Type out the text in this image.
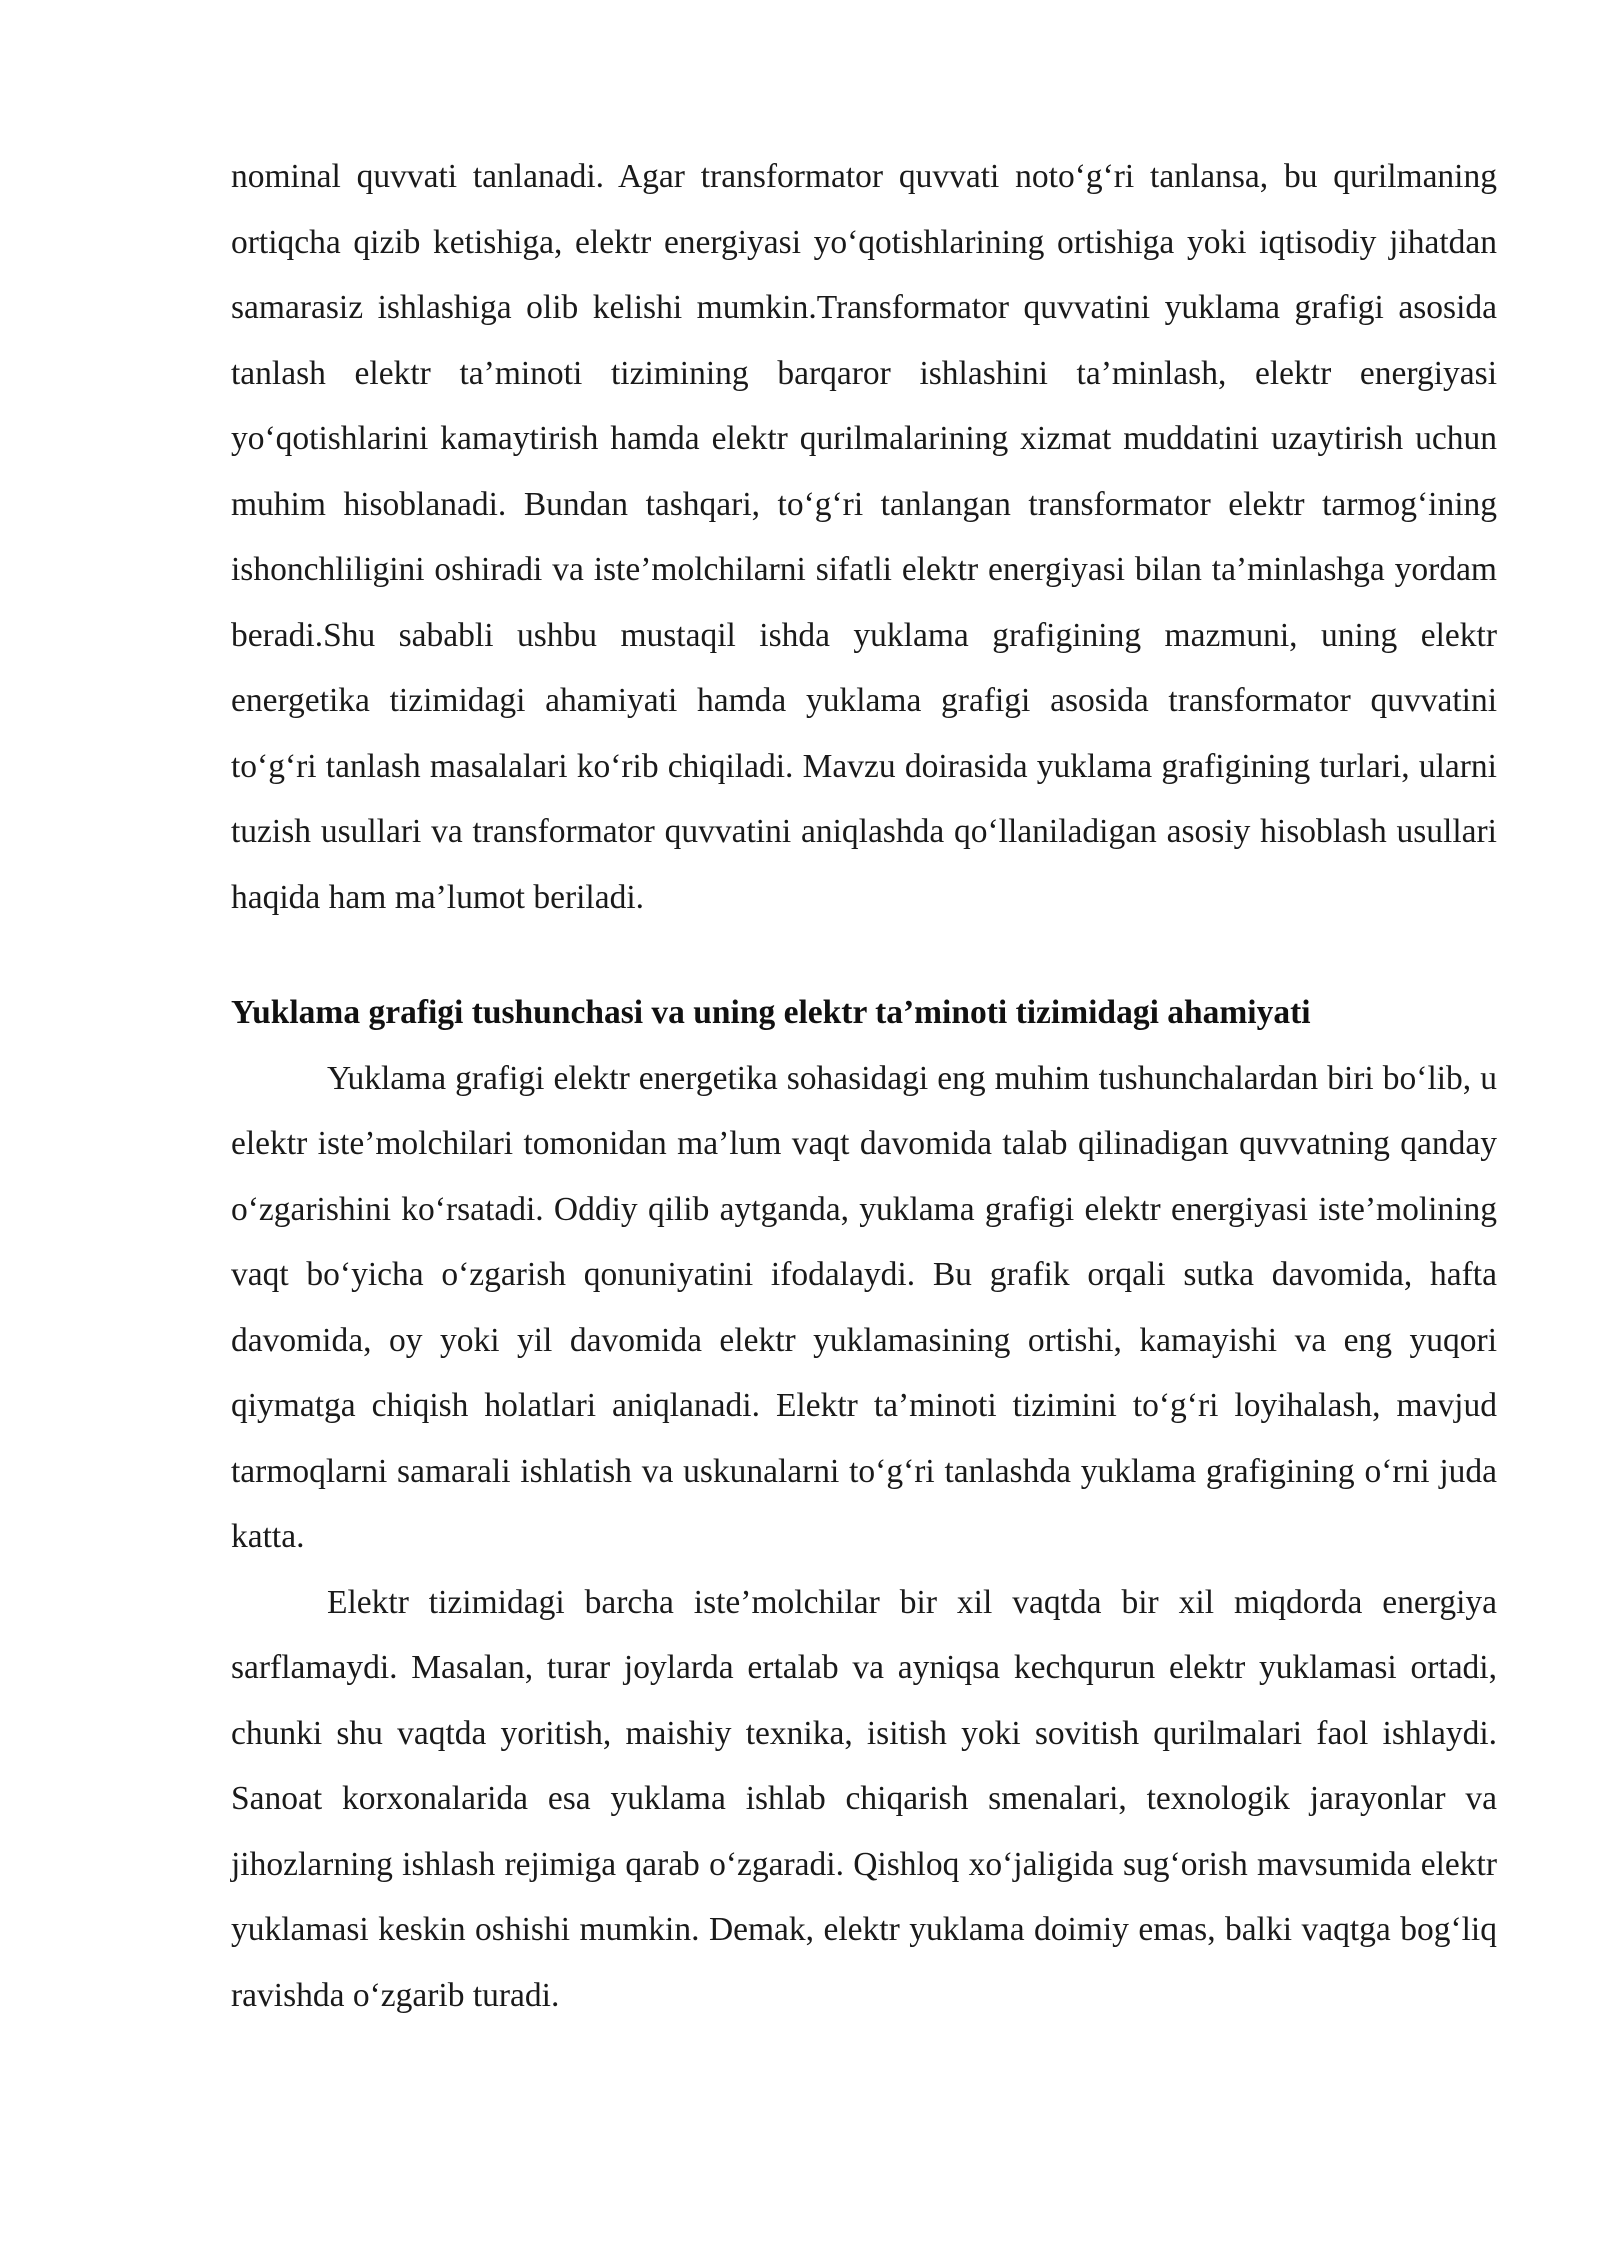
nominal quvvati tanlanadi. Agar transformator quvvati noto‘g‘ri tanlansa, bu qurilmaning ortiqcha qizib ketishiga, elektr energiyasi yo‘qotishlarining ortishiga yoki iqtisodiy jihatdan samarasiz ishlashiga olib kelishi mumkin.Transformator quvvatini yuklama grafigi asosida tanlash elektr ta’minoti tizimining barqaror ishlashini ta’minlash, elektr energiyasi yo‘qotishlarini kamaytirish hamda elektr qurilmalarining xizmat muddatini uzaytirish uchun muhim hisoblanadi. Bundan tashqari, to‘g‘ri tanlangan transformator elektr tarmog‘ining ishonchliligini oshiradi va iste’molchilarni sifatli elektr energiyasi bilan ta’minlashga yordam beradi.Shu sababli ushbu mustaqil ishda yuklama grafigining mazmuni, uning elektr energetika tizimidagi ahamiyati hamda yuklama grafigi asosida transformator quvvatini to‘g‘ri tanlash masalalari ko‘rib chiqiladi. Mavzu doirasida yuklama grafigining turlari, ularni tuzish usullari va transformator quvvatini aniqlashda qo‘llaniladigan asosiy hisoblash usullari haqida ham ma’lumot beriladi.

Yuklama grafigi tushunchasi va uning elektr ta’minoti tizimidagi ahamiyati

Yuklama grafigi elektr energetika sohasidagi eng muhim tushunchalardan biri bo‘lib, u elektr iste’molchilari tomonidan ma’lum vaqt davomida talab qilinadigan quvvatning qanday o‘zgarishini ko‘rsatadi. Oddiy qilib aytganda, yuklama grafigi elektr energiyasi iste’molining vaqt bo‘yicha o‘zgarish qonuniyatini ifodalaydi. Bu grafik orqali sutka davomida, hafta davomida, oy yoki yil davomida elektr yuklamasining ortishi, kamayishi va eng yuqori qiymatga chiqish holatlari aniqlanadi. Elektr ta’minoti tizimini to‘g‘ri loyihalash, mavjud tarmoqlarni samarali ishlatish va uskunalarni to‘g‘ri tanlashda yuklama grafigining o‘rni juda katta.

Elektr tizimidagi barcha iste’molchilar bir xil vaqtda bir xil miqdorda energiya sarflamaydi. Masalan, turar joylarda ertalab va ayniqsa kechqurun elektr yuklamasi ortadi, chunki shu vaqtda yoritish, maishiy texnika, isitish yoki sovitish qurilmalari faol ishlaydi. Sanoat korxonalarida esa yuklama ishlab chiqarish smenalari, texnologik jarayonlar va jihozlarning ishlash rejimiga qarab o‘zgaradi. Qishloq xo‘jaligida sug‘orish mavsumida elektr yuklamasi keskin oshishi mumkin. Demak, elektr yuklama doimiy emas, balki vaqtga bog‘liq ravishda o‘zgarib turadi.
